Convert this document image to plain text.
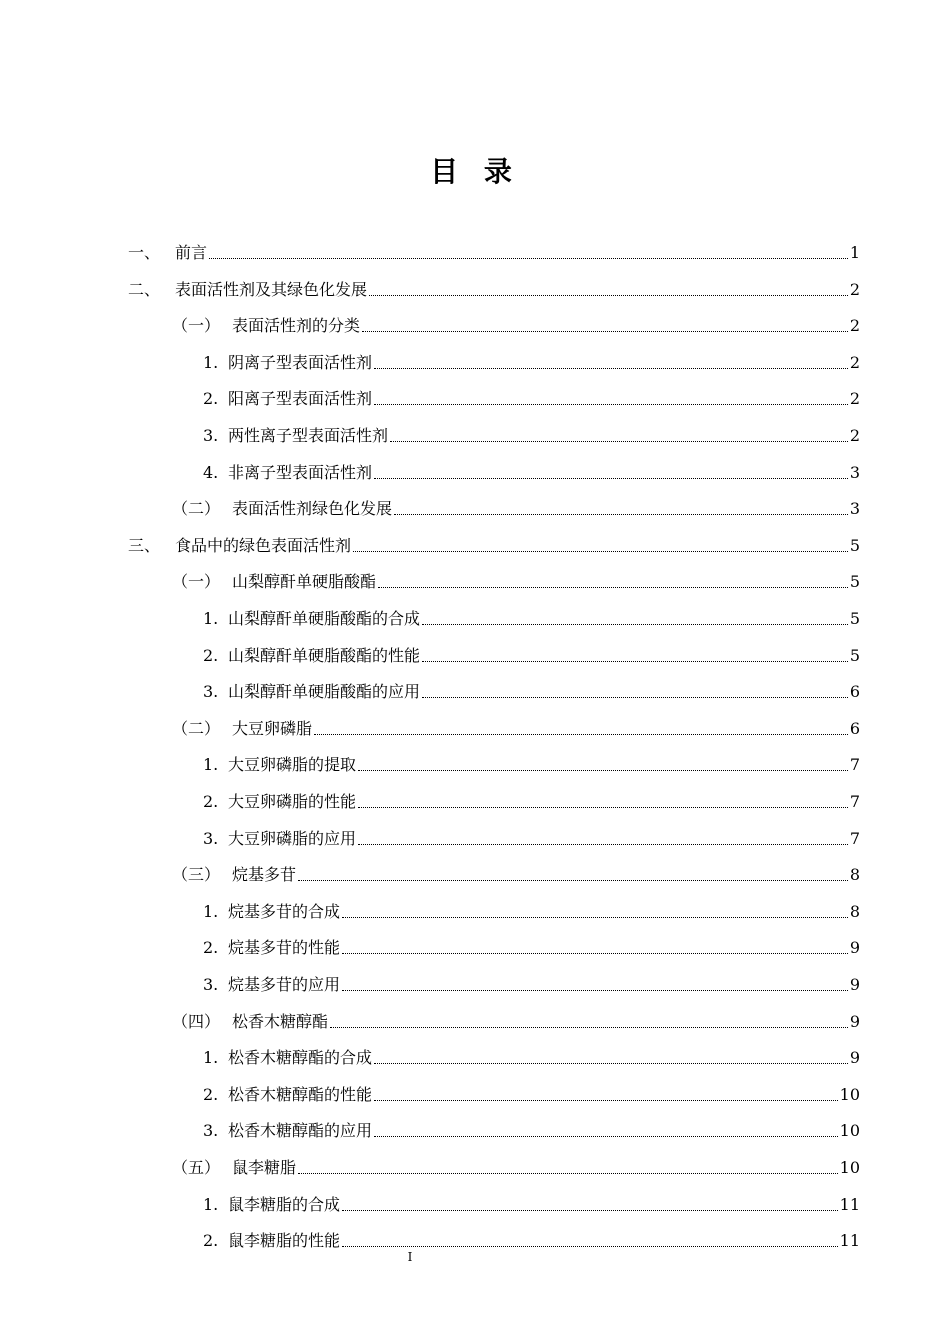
目 录
一、 前言	1
二、 表面活性剂及其绿色化发展	2
（一） 表面活性剂的分类	2
1. 阴离子型表面活性剂	2
2. 阳离子型表面活性剂	2
3. 两性离子型表面活性剂	2
4. 非离子型表面活性剂	3
（二） 表面活性剂绿色化发展	3
三、 食品中的绿色表面活性剂	5
（一） 山梨醇酐单硬脂酸酯	5
1. 山梨醇酐单硬脂酸酯的合成	5
2. 山梨醇酐单硬脂酸酯的性能	5
3. 山梨醇酐单硬脂酸酯的应用	6
（二） 大豆卵磷脂	6
1. 大豆卵磷脂的提取	7
2. 大豆卵磷脂的性能	7
3. 大豆卵磷脂的应用	7
（三） 烷基多苷	8
1. 烷基多苷的合成	8
2. 烷基多苷的性能	9
3. 烷基多苷的应用	9
（四） 松香木糖醇酯	9
1. 松香木糖醇酯的合成	9
2. 松香木糖醇酯的性能	10
3. 松香木糖醇酯的应用	10
（五） 鼠李糖脂	10
1. 鼠李糖脂的合成	11
2. 鼠李糖脂的性能	11
I
